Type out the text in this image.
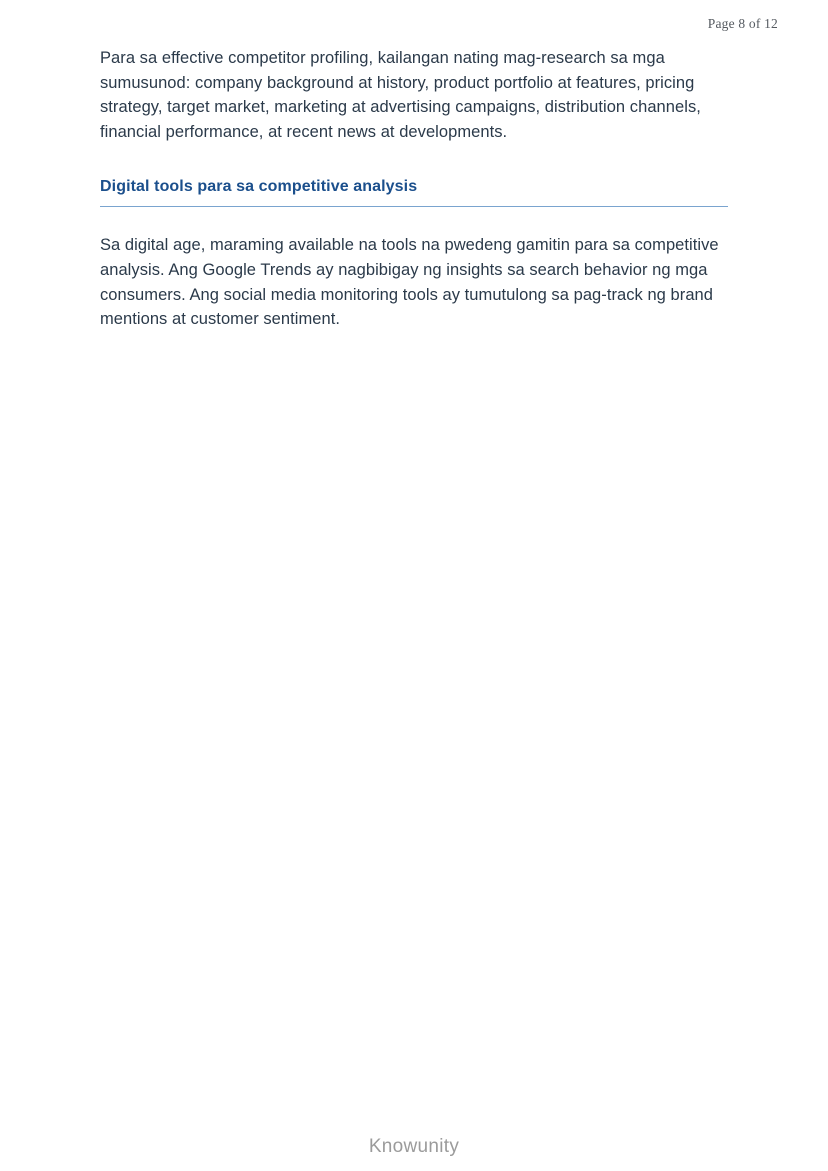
Page 8 of 12

Para sa effective competitor profiling, kailangan nating mag-research sa mga sumusunod: company background at history, product portfolio at features, pricing strategy, target market, marketing at advertising campaigns, distribution channels, financial performance, at recent news at developments.

Digital tools para sa competitive analysis

Sa digital age, maraming available na tools na pwedeng gamitin para sa competitive analysis. Ang Google Trends ay nagbibigay ng insights sa search behavior ng mga consumers. Ang social media monitoring tools ay tumutulong sa pag-track ng brand mentions at customer sentiment.

Knowunity
